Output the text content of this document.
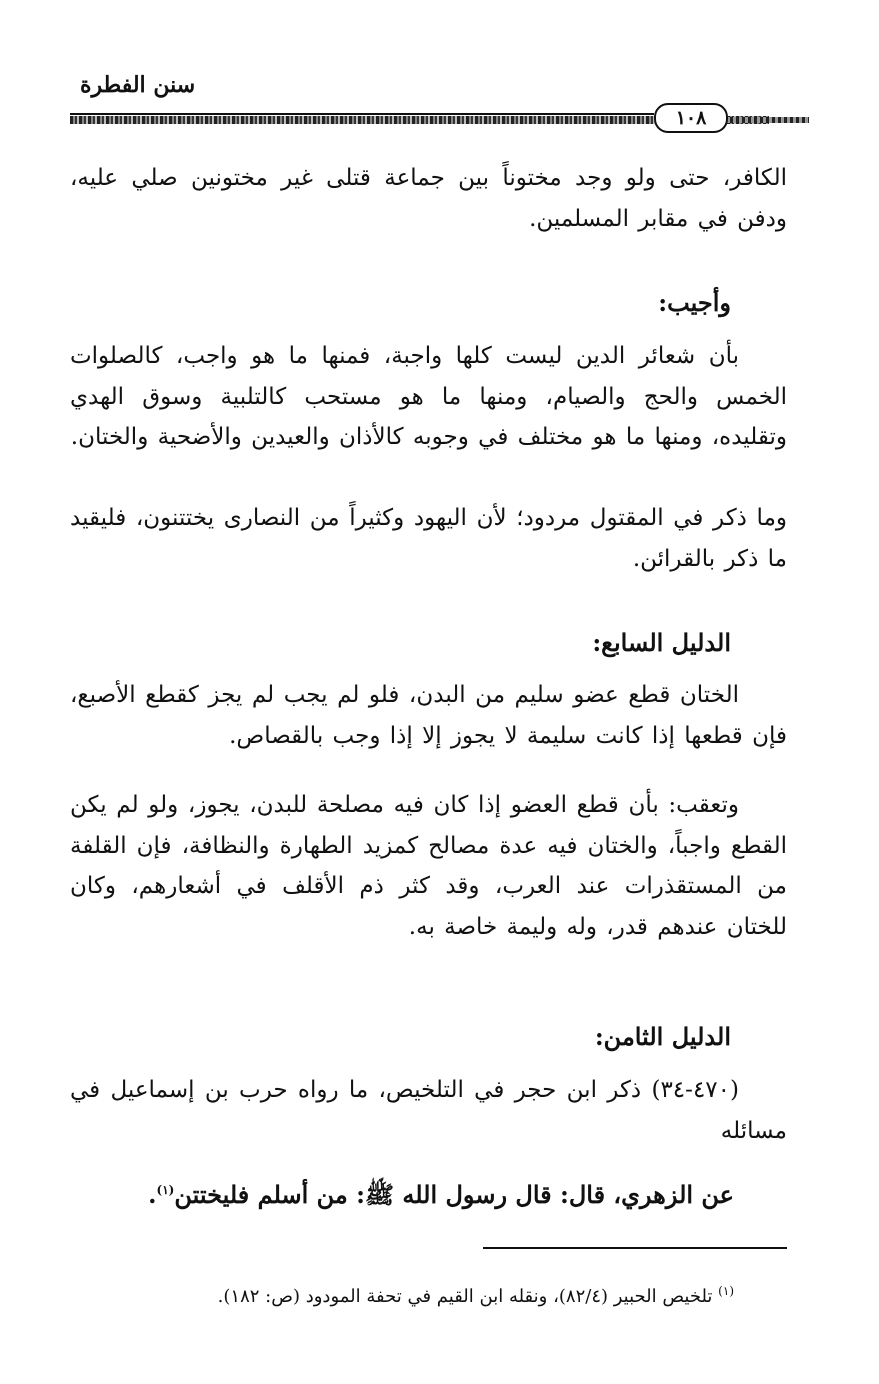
سنن الفطرة
١٠٨
الكافر، حتى ولو وجد مختوناً بين جماعة قتلى غير مختونين صلي عليه، ودفن في مقابر المسلمين.
وأجيب:
بأن شعائر الدين ليست كلها واجبة، فمنها ما هو واجب، كالصلوات الخمس والحج والصيام، ومنها ما هو مستحب كالتلبية وسوق الهدي وتقليده، ومنها ما هو مختلف في وجوبه كالأذان والعيدين والأضحية والختان.
وما ذكر في المقتول مردود؛ لأن اليهود وكثيراً من النصارى يختتنون، فليقيد ما ذكر بالقرائن.
الدليل السابع:
الختان قطع عضو سليم من البدن، فلو لم يجب لم يجز كقطع الأصبع، فإن قطعها إذا كانت سليمة لا يجوز إلا إذا وجب بالقصاص.
وتعقب: بأن قطع العضو إذا كان فيه مصلحة للبدن، يجوز، ولو لم يكن القطع واجباً، والختان فيه عدة مصالح كمزيد الطهارة والنظافة، فإن القلفة من المستقذرات عند العرب، وقد كثر ذم الأقلف في أشعارهم، وكان للختان عندهم قدر، وله وليمة خاصة به.
الدليل الثامن:
(٤٧٠-٣٤) ذكر ابن حجر في التلخيص، ما رواه حرب بن إسماعيل في مسائله
عن الزهري، قال: قال رسول الله ﷺ: من أسلم فليختتن$^{(١)}$.
$^{(١)}$ تلخيص الحبير (٨٢/٤)، ونقله ابن القيم في تحفة المودود (ص: ١٨٢).
